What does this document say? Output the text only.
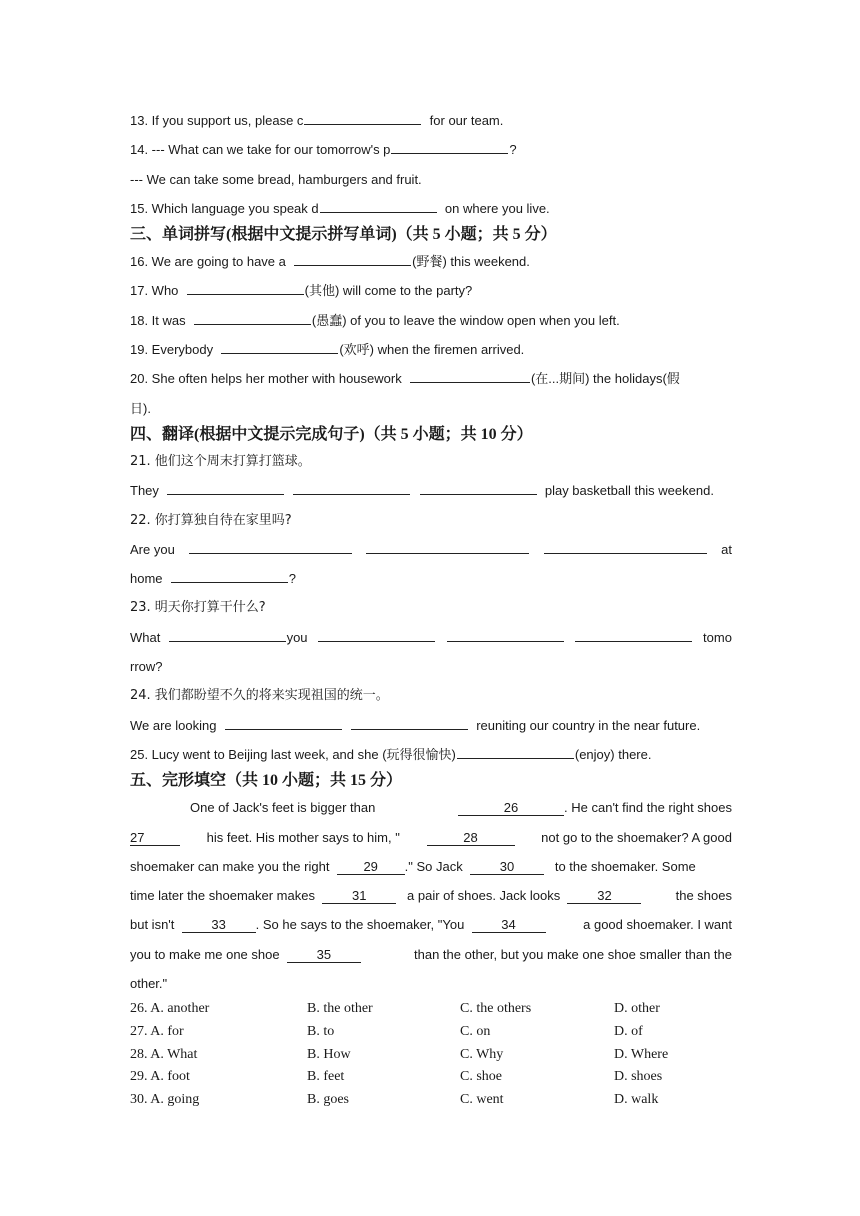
13. If you support us, please c	for our team.
14. --- What can we take for our tomorrow's p	?
--- We can take some bread, hamburgers and fruit.
15. Which language you speak d	on where you live.
三、单词拼写(根据中文提示拼写单词)（共 5 小题；共 5 分）
16. We are going to have a	(野餐) this weekend.
17. Who	(其他) will come to the party?
18. It was	(愚蠢) of you to leave the window open when you left.
19. Everybody	(欢呼) when the firemen arrived.
20. She often helps her mother with housework	(在...期间) the holidays(假
日).
四、翻译(根据中文提示完成句子)（共 5 小题；共 10 分）
21. 他们这个周末打算打篮球。
They	play basketball this weekend.
22. 你打算独自待在家里吗?
Are you	at
home	?
23. 明天你打算干什么?
What	you	tomo
rrow?
24. 我们都盼望不久的将来实现祖国的统一。
We are looking	reuniting our country in the near future.
25. Lucy went to Beijing last week, and she (玩得很愉快)	(enjoy) there.
五、完形填空（共 10 小题；共 15 分）
One of Jack's feet is bigger than	26	. He can't find the right shoes
27	his feet. His mother says to him, "	28	not go to the shoemaker? A good
shoemaker can make you the right	29 ." So Jack	30	to the shoemaker. Some
time later the shoemaker makes	31	a pair of shoes. Jack looks	32	the shoes
but isn't	33 . So he says to the shoemaker, "You	34	a good shoemaker. I want
you to make me one shoe	35	than the other, but you make one shoe smaller than the
other."
26. A. another	B. the other	C. the others	D. other
27. A. for	B. to	C. on	D. of
28. A. What	B. How	C. Why	D. Where
29. A. foot	B. feet	C. shoe	D. shoes
30. A. going	B. goes	C. went	D. walk
